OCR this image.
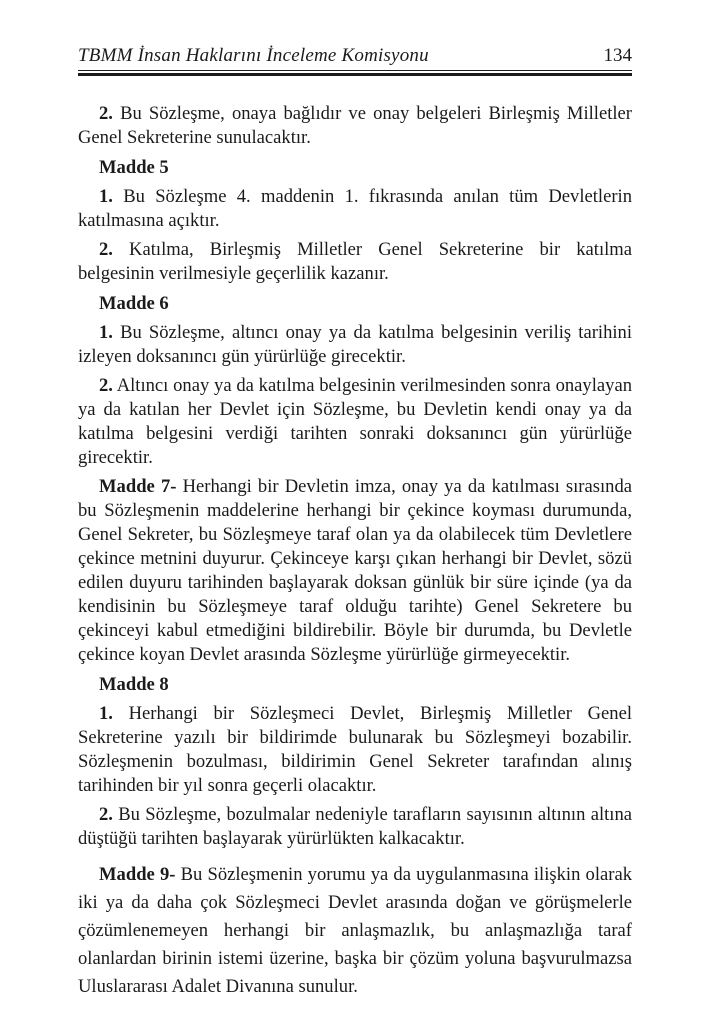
TBMM İnsan Haklarını İnceleme Komisyonu	134

2. Bu Sözleşme, onaya bağlıdır ve onay belgeleri Birleşmiş Milletler Genel Sekreterine sunulacaktır.

Madde 5

1. Bu Sözleşme 4. maddenin 1. fıkrasında anılan tüm Devletlerin katılmasına açıktır.

2. Katılma, Birleşmiş Milletler Genel Sekreterine bir katılma belgesinin verilmesiyle geçerlilik kazanır.

Madde 6

1. Bu Sözleşme, altıncı onay ya da katılma belgesinin veriliş tarihini izleyen doksanıncı gün yürürlüğe girecektir.

2. Altıncı onay ya da katılma belgesinin verilmesinden sonra onaylayan ya da katılan her Devlet için Sözleşme, bu Devletin kendi onay ya da katılma belgesini verdiği tarihten sonraki doksanıncı gün yürürlüğe girecektir.

Madde 7- Herhangi bir Devletin imza, onay ya da katılması sırasında bu Sözleşmenin maddelerine herhangi bir çekince koyması durumunda, Genel Sekreter, bu Sözleşmeye taraf olan ya da olabilecek tüm Devletlere çekince metnini duyurur. Çekinceye karşı çıkan herhangi bir Devlet, sözü edilen duyuru tarihinden başlayarak doksan günlük bir süre içinde (ya da kendisinin bu Sözleşmeye taraf olduğu tarihte) Genel Sekretere bu çekinceyi kabul etmediğini bildirebilir. Böyle bir durumda, bu Devletle çekince koyan Devlet arasında Sözleşme yürürlüğe girmeyecektir.

Madde 8

1. Herhangi bir Sözleşmeci Devlet, Birleşmiş Milletler Genel Sekreterine yazılı bir bildirimde bulunarak bu Sözleşmeyi bozabilir. Sözleşmenin bozulması, bildirimin Genel Sekreter tarafından alınış tarihinden bir yıl sonra geçerli olacaktır.

2. Bu Sözleşme, bozulmalar nedeniyle tarafların sayısının altının altına düştüğü tarihten başlayarak yürürlükten kalkacaktır.

Madde 9- Bu Sözleşmenin yorumu ya da uygulanmasına ilişkin olarak iki ya da daha çok Sözleşmeci Devlet arasında doğan ve görüşmelerle çözümlenemeyen herhangi bir anlaşmazlık, bu anlaşmazlığa taraf olanlardan birinin istemi üzerine, başka bir çözüm yoluna başvurulmazsa Uluslararası Adalet Divanına sunulur.
